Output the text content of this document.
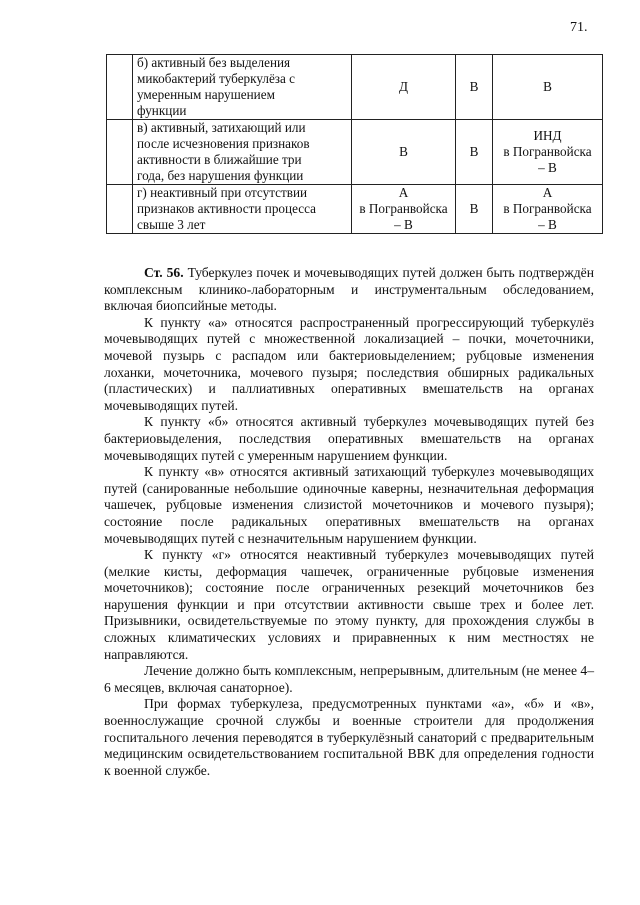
71.

	б) активный без выделения
микобактерий туберкулёза с
умеренным нарушением
функции	Д	В	В

	в) активный, затихающий или
после исчезновения признаков
активности в ближайшие три
года, без нарушения функции	В	В	ИНД
в Погранвойска
– В

	г) неактивный при отсутствии
признаков активности процесса
свыше 3 лет	А
в Погранвойска
– В	В	А
в Погранвойска
– В

Ст. 56. Туберкулез почек и мочевыводящих путей должен быть подтверждён комплексным клинико-лабораторным и инструментальным обследованием, включая биопсийные методы.

К пункту «а» относятся распространенный прогрессирующий туберкулёз мочевыводящих путей с множественной локализацией – почки, мочеточники, мочевой пузырь с распадом или бактериовыделением; рубцовые изменения лоханки, мочеточника, мочевого пузыря; последствия обширных радикальных (пластических) и паллиативных оперативных вмешательств на органах мочевыводящих путей.

К пункту «б» относятся активный туберкулез мочевыводящих путей без бактериовыделения, последствия оперативных вмешательств на органах мочевыводящих путей с умеренным нарушением функции.

К пункту «в» относятся активный затихающий туберкулез мочевыводящих путей (санированные небольшие одиночные каверны, незначительная деформация чашечек, рубцовые изменения слизистой мочеточников и мочевого пузыря); состояние после радикальных оперативных вмешательств на органах мочевыводящих путей с незначительным нарушением функции.

К пункту «г» относятся неактивный туберкулез мочевыводящих путей (мелкие кисты, деформация чашечек, ограниченные рубцовые изменения мочеточников); состояние после ограниченных резекций мочеточников без нарушения функции и при отсутствии активности свыше трех и более лет. Призывники, освидетельствуемые по этому пункту, для прохождения службы в сложных климатических условиях и приравненных к ним местностях не направляются.

Лечение должно быть комплексным, непрерывным, длительным (не менее 4–6 месяцев, включая санаторное).

При формах туберкулеза, предусмотренных пунктами «а», «б» и «в», военнослужащие срочной службы и военные строители для продолжения госпитального лечения переводятся в туберкулёзный санаторий с предварительным медицинским освидетельствованием госпитальной ВВК для определения годности к военной службе.
